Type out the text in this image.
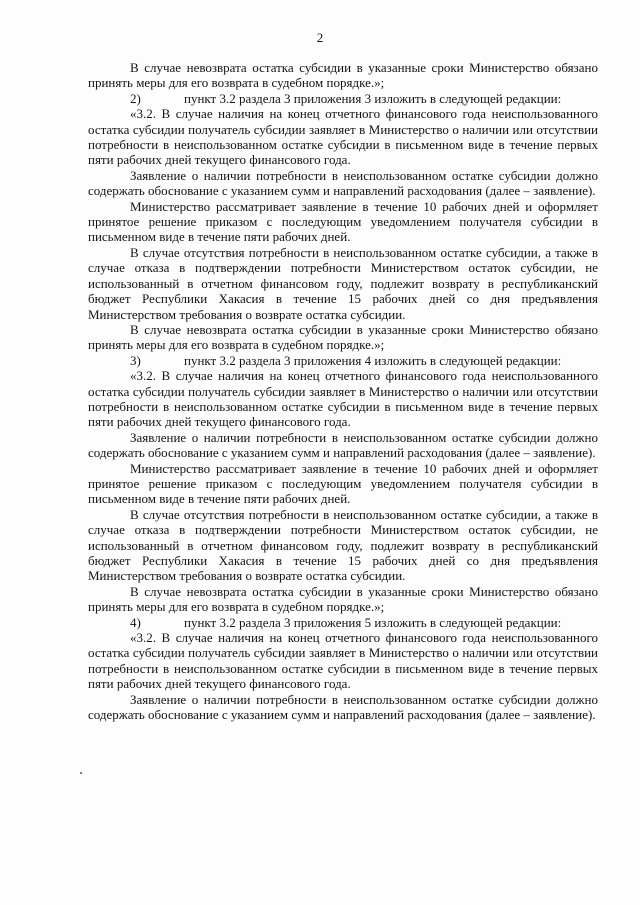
2

В случае невозврата остатка субсидии в указанные сроки Министерство обязано принять меры для его возврата в судебном порядке.»;

2)	пункт 3.2 раздела 3 приложения 3 изложить в следующей редакции:

«3.2. В случае наличия на конец отчетного финансового года неиспользованного остатка субсидии получатель субсидии заявляет в Министерство о наличии или отсутствии потребности в неиспользованном остатке субсидии в письменном виде в течение первых пяти рабочих дней текущего финансового года.

Заявление о наличии потребности в неиспользованном остатке субсидии должно содержать обоснование с указанием сумм и направлений расходования (далее – заявление).

Министерство рассматривает заявление в течение 10 рабочих дней и оформляет принятое решение приказом с последующим уведомлением получателя субсидии в письменном виде в течение пяти рабочих дней.

В случае отсутствия потребности в неиспользованном остатке субсидии, а также в случае отказа в подтверждении потребности Министерством остаток субсидии, не использованный в отчетном финансовом году, подлежит возврату в республиканский бюджет Республики Хакасия в течение 15 рабочих дней со дня предъявления Министерством требования о возврате остатка субсидии.

В случае невозврата остатка субсидии в указанные сроки Министерство обязано принять меры для его возврата в судебном порядке.»;

3)	пункт 3.2 раздела 3 приложения 4 изложить в следующей редакции:

«3.2. В случае наличия на конец отчетного финансового года неиспользованного остатка субсидии получатель субсидии заявляет в Министерство о наличии или отсутствии потребности в неиспользованном остатке субсидии в письменном виде в течение первых пяти рабочих дней текущего финансового года.

Заявление о наличии потребности в неиспользованном остатке субсидии должно содержать обоснование с указанием сумм и направлений расходования (далее – заявление).

Министерство рассматривает заявление в течение 10 рабочих дней и оформляет принятое решение приказом с последующим уведомлением получателя субсидии в письменном виде в течение пяти рабочих дней.

В случае отсутствия потребности в неиспользованном остатке субсидии, а также в случае отказа в подтверждении потребности Министерством остаток субсидии, не использованный в отчетном финансовом году, подлежит возврату в республиканский бюджет Республики Хакасия в течение 15 рабочих дней со дня предъявления Министерством требования о возврате остатка субсидии.

В случае невозврата остатка субсидии в указанные сроки Министерство обязано принять меры для его возврата в судебном порядке.»;

4)	пункт 3.2 раздела 3 приложения 5 изложить в следующей редакции:

«3.2. В случае наличия на конец отчетного финансового года неиспользованного остатка субсидии получатель субсидии заявляет в Министерство о наличии или отсутствии потребности в неиспользованном остатке субсидии в письменном виде в течение первых пяти рабочих дней текущего финансового года.

Заявление о наличии потребности в неиспользованном остатке субсидии должно содержать обоснование с указанием сумм и направлений расходования (далее – заявление).
